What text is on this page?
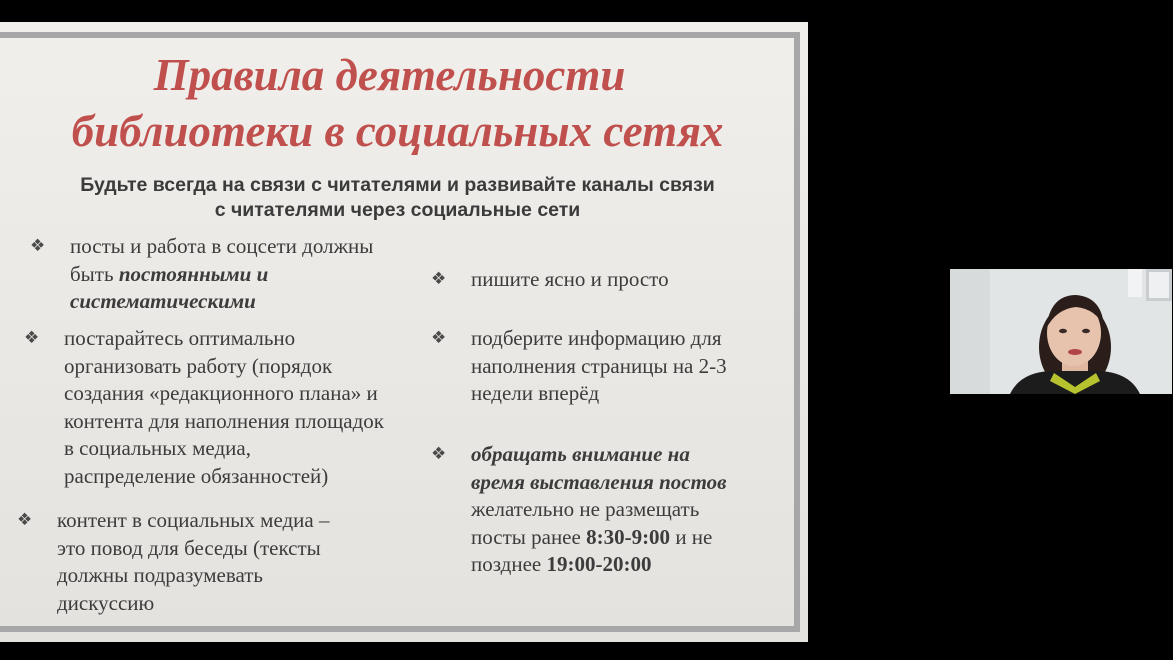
Правила деятельности
библиотеки в социальных сетях
Будьте всегда на связи с читателями и развивайте каналы связи
с читателями через социальные сети
❖ посты и работа в соцсети должны
быть постоянными и
систематическими
❖ постарайтесь оптимально
организовать работу (порядок
создания «редакционного плана» и
контента для наполнения площадок
в социальных медиа,
распределение обязанностей)
❖ контент в социальных медиа –
это повод для беседы (тексты
должны подразумевать
дискуссию
❖ пишите ясно и просто
❖ подберите информацию для
наполнения страницы на 2-3
недели вперёд
❖ обращать внимание на
время выставления постов
желательно не размещать
посты ранее 8:30-9:00 и не
позднее 19:00-20:00
